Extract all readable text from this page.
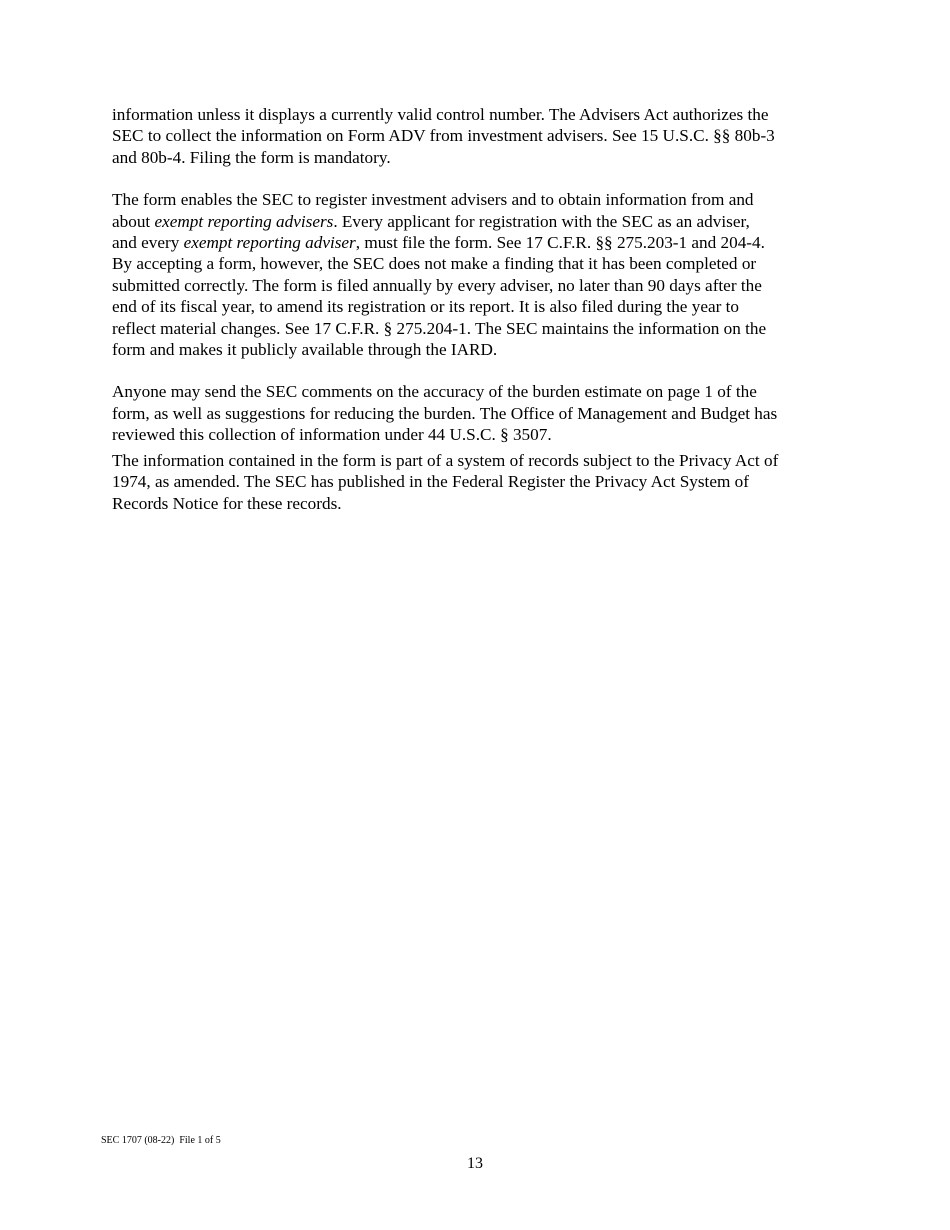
information unless it displays a currently valid control number. The Advisers Act authorizes the
SEC to collect the information on Form ADV from investment advisers. See 15 U.S.C. §§ 80b-3
and 80b-4. Filing the form is mandatory.

The form enables the SEC to register investment advisers and to obtain information from and
about exempt reporting advisers. Every applicant for registration with the SEC as an adviser,
and every exempt reporting adviser, must file the form. See 17 C.F.R. §§ 275.203-1 and 204-4.
By accepting a form, however, the SEC does not make a finding that it has been completed or
submitted correctly. The form is filed annually by every adviser, no later than 90 days after the
end of its fiscal year, to amend its registration or its report. It is also filed during the year to
reflect material changes. See 17 C.F.R. § 275.204-1. The SEC maintains the information on the
form and makes it publicly available through the IARD.

Anyone may send the SEC comments on the accuracy of the burden estimate on page 1 of the
form, as well as suggestions for reducing the burden. The Office of Management and Budget has
reviewed this collection of information under 44 U.S.C. § 3507.

The information contained in the form is part of a system of records subject to the Privacy Act of
1974, as amended. The SEC has published in the Federal Register the Privacy Act System of
Records Notice for these records.

SEC 1707 (08-22)  File 1 of 5
13
